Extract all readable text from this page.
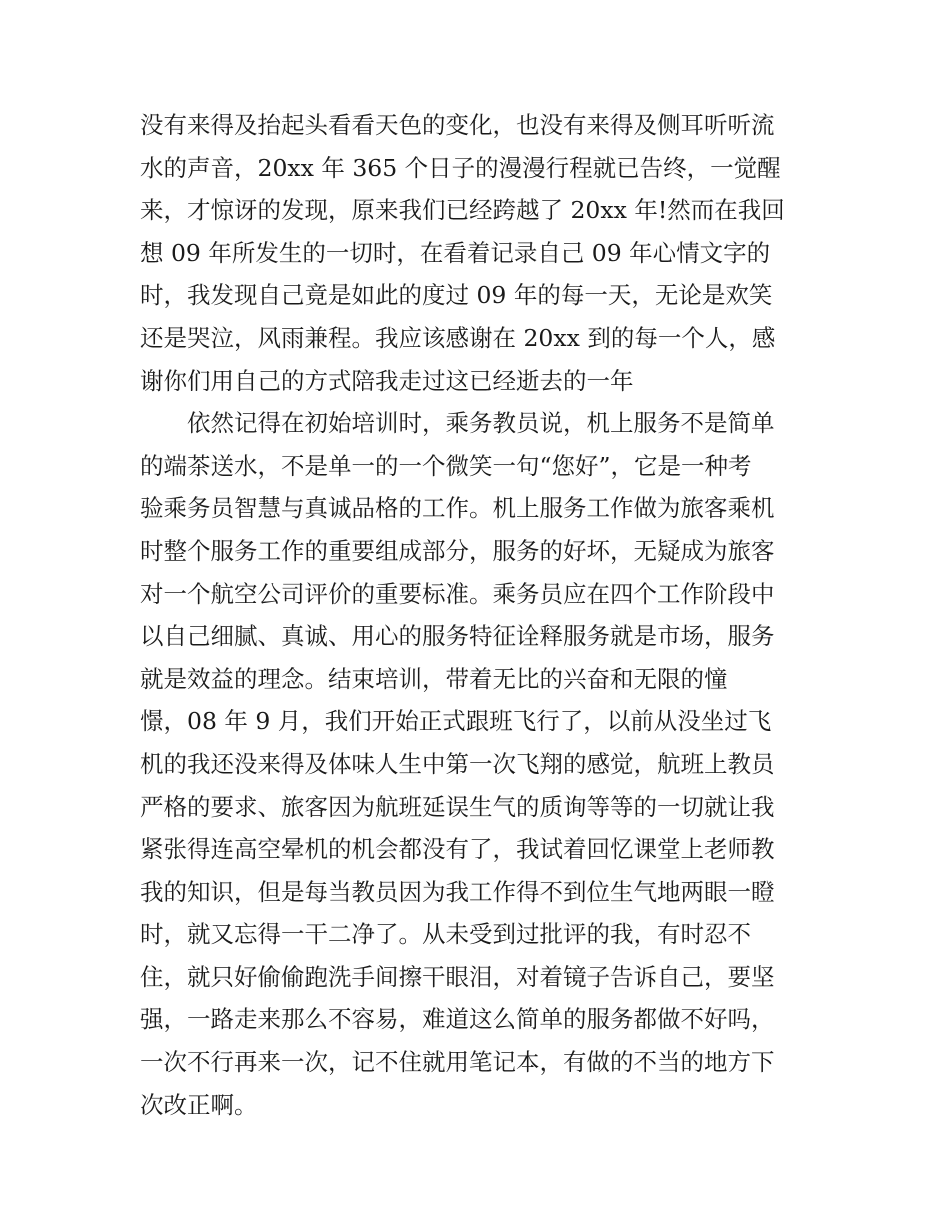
没有来得及抬起头看看天色的变化，也没有来得及侧耳听听流
水的声音，20xx 年 365 个日子的漫漫行程就已告终，一觉醒
来，才惊讶的发现，原来我们已经跨越了 20xx 年!然而在我回
想 09 年所发生的一切时，在看着记录自己 09 年心情文字的
时，我发现自己竟是如此的度过 09 年的每一天，无论是欢笑
还是哭泣，风雨兼程。我应该感谢在 20xx 到的每一个人，感
谢你们用自己的方式陪我走过这已经逝去的一年
依然记得在初始培训时，乘务教员说，机上服务不是简单
的端茶送水，不是单一的一个微笑一句“您好”，它是一种考
验乘务员智慧与真诚品格的工作。机上服务工作做为旅客乘机
时整个服务工作的重要组成部分，服务的好坏，无疑成为旅客
对一个航空公司评价的重要标准。乘务员应在四个工作阶段中
以自己细腻、真诚、用心的服务特征诠释服务就是市场，服务
就是效益的理念。结束培训，带着无比的兴奋和无限的憧
憬，08 年 9 月，我们开始正式跟班飞行了，以前从没坐过飞
机的我还没来得及体味人生中第一次飞翔的感觉，航班上教员
严格的要求、旅客因为航班延误生气的质询等等的一切就让我
紧张得连高空晕机的机会都没有了，我试着回忆课堂上老师教
我的知识，但是每当教员因为我工作得不到位生气地两眼一瞪
时，就又忘得一干二净了。从未受到过批评的我，有时忍不
住，就只好偷偷跑洗手间擦干眼泪，对着镜子告诉自己，要坚
强，一路走来那么不容易，难道这么简单的服务都做不好吗，
一次不行再来一次，记不住就用笔记本，有做的不当的地方下
次改正啊。
